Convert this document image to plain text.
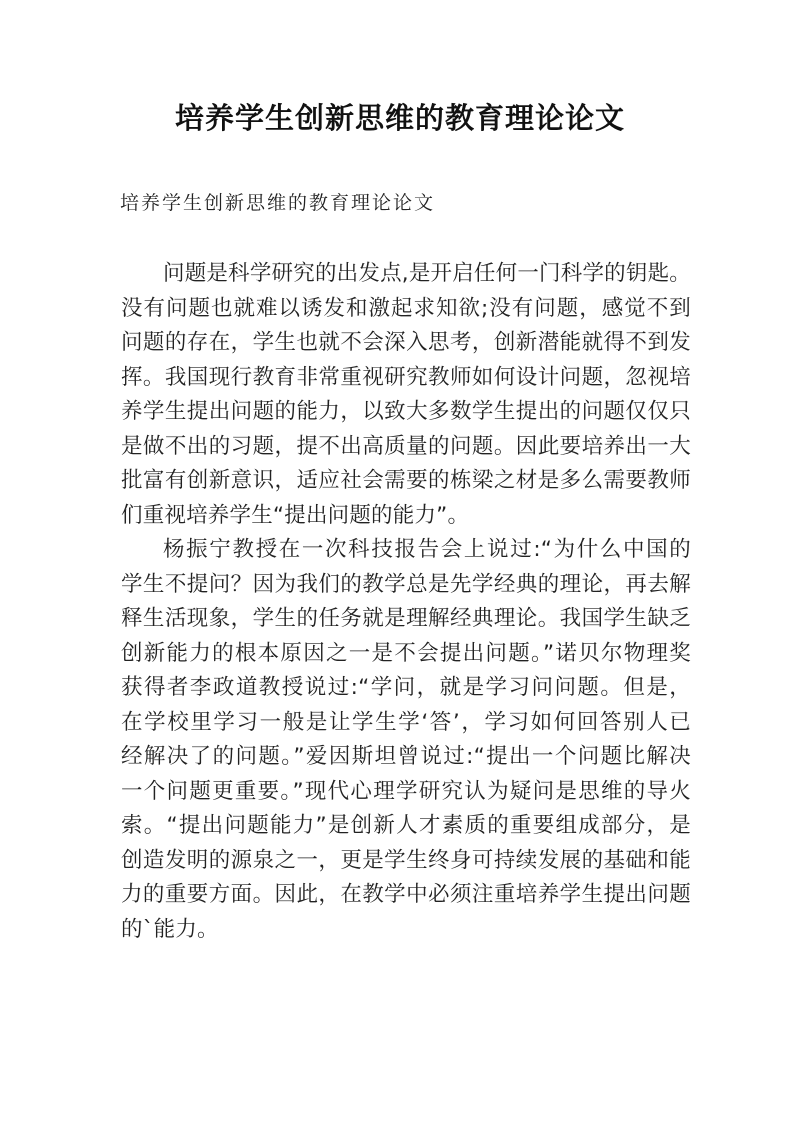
培养学生创新思维的教育理论论文

培养学生创新思维的教育理论论文

问题是科学研究的出发点,是开启任何一门科学的钥匙。
没有问题也就难以诱发和激起求知欲;没有问题，感觉不到
问题的存在，学生也就不会深入思考，创新潜能就得不到发
挥。我国现行教育非常重视研究教师如何设计问题，忽视培
养学生提出问题的能力，以致大多数学生提出的问题仅仅只
是做不出的习题，提不出高质量的问题。因此要培养出一大
批富有创新意识，适应社会需要的栋梁之材是多么需要教师
们重视培养学生“提出问题的能力”。
杨振宁教授在一次科技报告会上说过:“为什么中国的
学生不提问？因为我们的教学总是先学经典的理论，再去解
释生活现象，学生的任务就是理解经典理论。我国学生缺乏
创新能力的根本原因之一是不会提出问题。”诺贝尔物理奖
获得者李政道教授说过:“学问，就是学习问问题。但是，
在学校里学习一般是让学生学‘答’，学习如何回答别人已
经解决了的问题。”爱因斯坦曾说过:“提出一个问题比解决
一个问题更重要。”现代心理学研究认为疑问是思维的导火
索。“提出问题能力”是创新人才素质的重要组成部分，是
创造发明的源泉之一，更是学生终身可持续发展的基础和能
力的重要方面。因此，在教学中必须注重培养学生提出问题
的`能力。
